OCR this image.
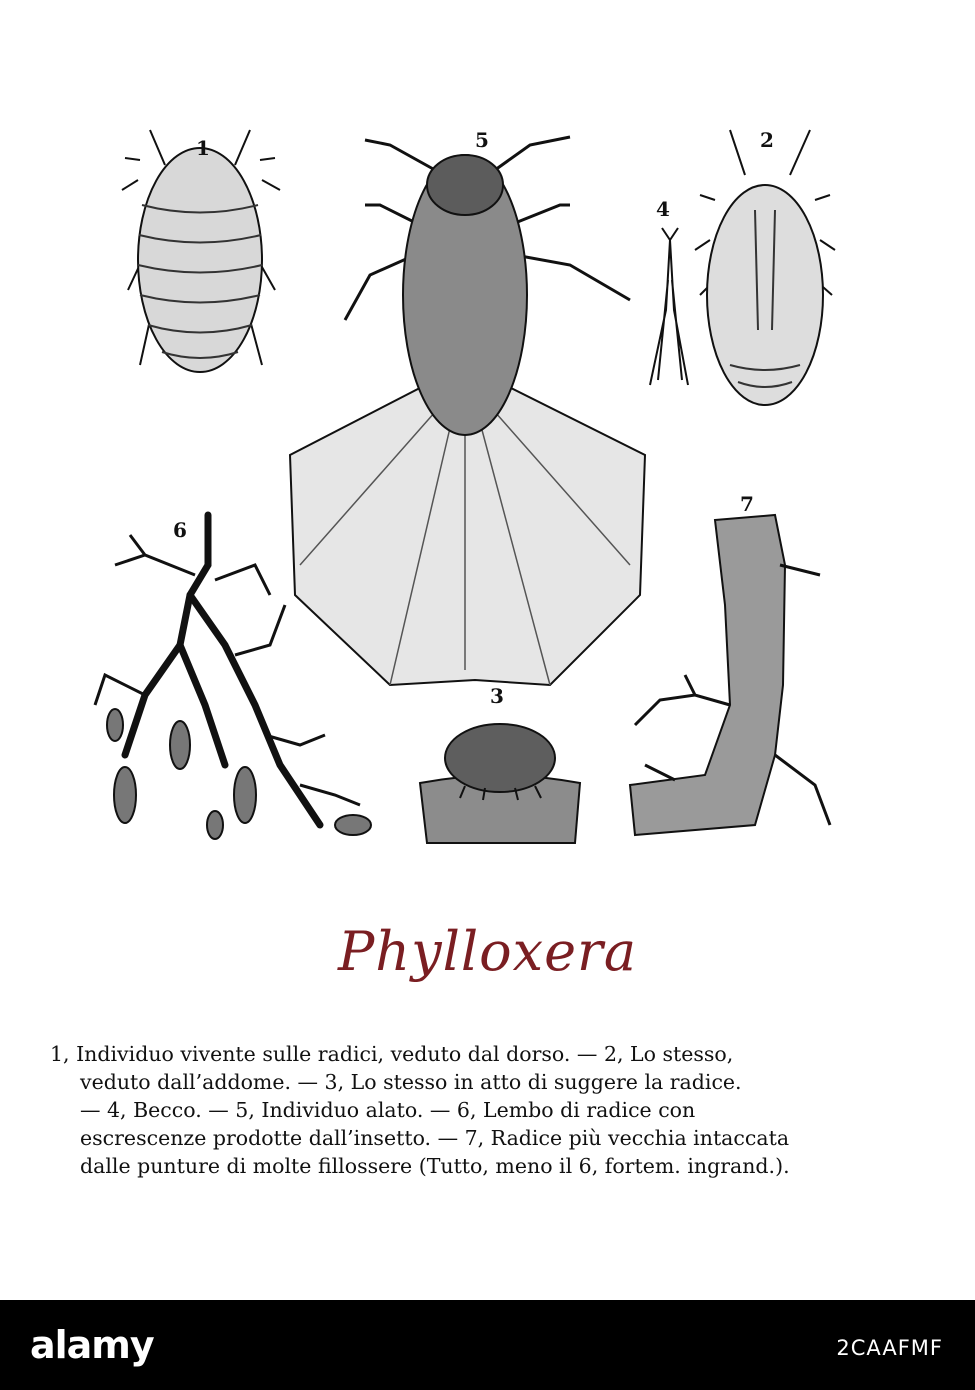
1	5
4
2
6
3
7
Phylloxera
1, Individuo vivente sulle radici, veduto dal dorso. — 2, Lo stesso,
veduto dall’addome. — 3, Lo stesso in atto di suggere la radice.
— 4, Becco. — 5, Individuo alato. — 6, Lembo di radice con
escrescenze prodotte dall’insetto. — 7, Radice più vecchia intaccata
dalle punture di molte fillossere (Tutto, meno il 6, fortem. ingrand.).
alamy	2CAAFMF
